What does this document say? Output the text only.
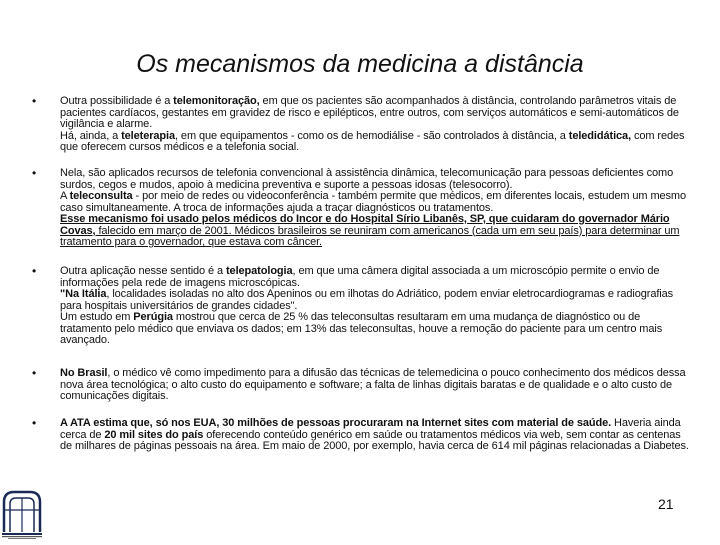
Os mecanismos da medicina a distância
• Outra possibilidade é a telemonitoração, em que os pacientes são acompanhados à distância, controlando parâmetros vitais de pacientes cardíacos, gestantes em gravidez de risco e epilépticos, entre outros, com serviços automáticos e semi-automáticos de vigilância e alarme.
Há, ainda, a teleterapia, em que equipamentos - como os de hemodiálise - são controlados à distância, a teledidática, com redes que oferecem cursos médicos e a telefonia social.
• Nela, são aplicados recursos de telefonia convencional à assistência dinâmica, telecomunicação para pessoas deficientes como surdos, cegos e mudos, apoio à medicina preventiva e suporte a pessoas idosas (telesocorro).
A teleconsulta - por meio de redes ou videoconferência - também permite que médicos, em diferentes locais, estudem um mesmo caso simultaneamente. A troca de informações ajuda a traçar diagnósticos ou tratamentos.
Esse mecanismo foi usado pelos médicos do Incor e do Hospital Sírio Libanês, SP, que cuidaram do governador Mário Covas, falecido em março de 2001. Médicos brasileiros se reuniram com americanos (cada um em seu país) para determinar um tratamento para o governador, que estava com câncer.
• Outra aplicação nesse sentido é a telepatologia, em que uma câmera digital associada a um microscópio permite o envio de informações pela rede de imagens microscópicas.
"Na Itália, localidades isoladas no alto dos Apeninos ou em ilhotas do Adriático, podem enviar eletrocardiogramas e radiografias para hospitais universitários de grandes cidades".
Um estudo em Perúgia mostrou que cerca de 25 % das teleconsultas resultaram em uma mudança de diagnóstico ou de tratamento pelo médico que enviava os dados; em 13% das teleconsultas, houve a remoção do paciente para um centro mais avançado.
• No Brasil, o médico vê como impedimento para a difusão das técnicas de telemedicina o pouco conhecimento dos médicos dessa nova área tecnológica; o alto custo do equipamento e software; a falta de linhas digitais baratas e de qualidade e o alto custo de comunicações digitais.
• A ATA estima que, só nos EUA, 30 milhões de pessoas procuraram na Internet sites com material de saúde. Haveria ainda cerca de 20 mil sites do país oferecendo conteúdo genérico em saúde ou tratamentos médicos via web, sem contar as centenas de milhares de páginas pessoais na área. Em maio de 2000, por exemplo, havia cerca de 614 mil páginas relacionadas a Diabetes.
21
